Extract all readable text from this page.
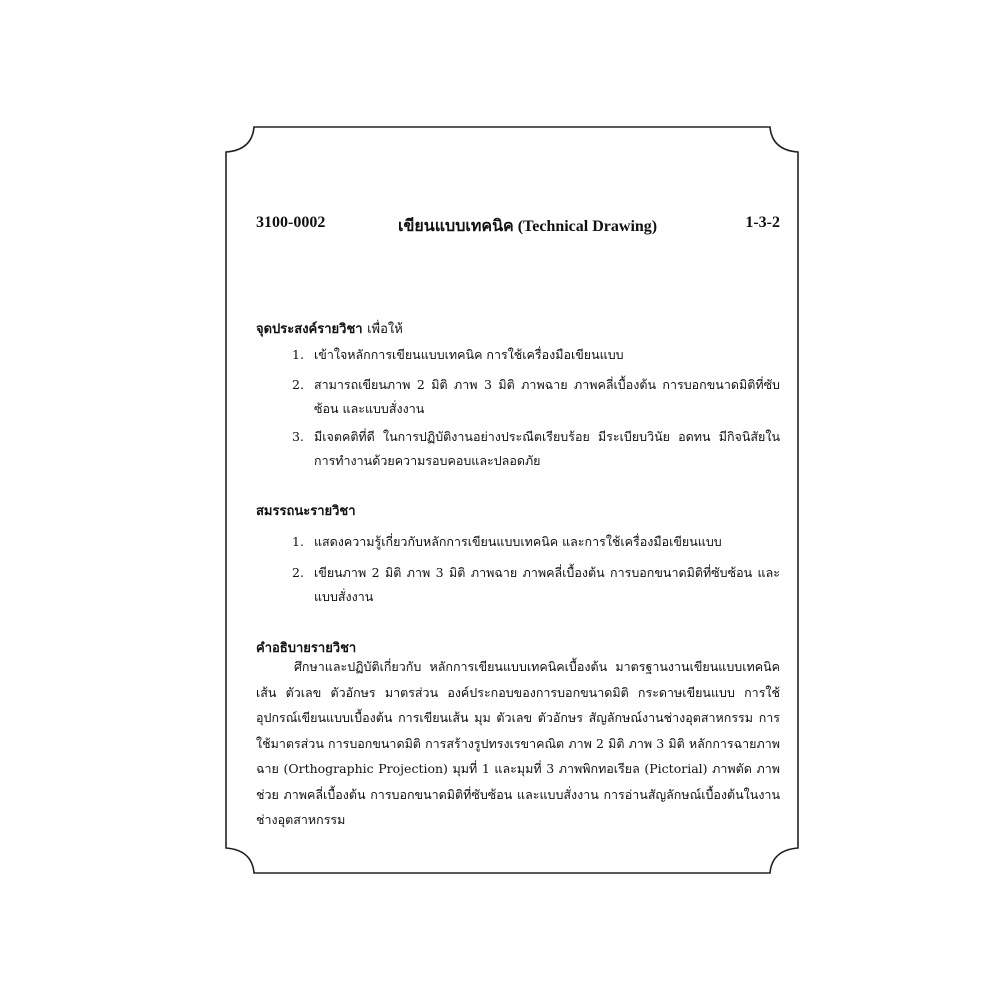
3100-0002	เขียนแบบเทคนิค (Technical Drawing)	1-3-2
จุดประสงค์รายวิชา เพื่อให้
1. เข้าใจหลักการเขียนแบบเทคนิค การใช้เครื่องมือเขียนแบบ
2. สามารถเขียนภาพ 2 มิติ ภาพ 3 มิติ ภาพฉาย ภาพคลี่เบื้องต้น การบอกขนาดมิติที่ซับซ้อน และแบบสั่งงาน
3. มีเจตคติที่ดี ในการปฏิบัติงานอย่างประณีตเรียบร้อย มีระเบียบวินัย อดทน มีกิจนิสัยในการทำงานด้วยความรอบคอบและปลอดภัย
สมรรถนะรายวิชา
1. แสดงความรู้เกี่ยวกับหลักการเขียนแบบเทคนิค และการใช้เครื่องมือเขียนแบบ
2. เขียนภาพ 2 มิติ ภาพ 3 มิติ ภาพฉาย ภาพคลี่เบื้องต้น การบอกขนาดมิติที่ซับซ้อน และแบบสั่งงาน
คำอธิบายรายวิชา
ศึกษาและปฏิบัติเกี่ยวกับ หลักการเขียนแบบเทคนิคเบื้องต้น มาตรฐานงานเขียนแบบเทคนิค เส้น ตัวเลข ตัวอักษร มาตรส่วน องค์ประกอบของการบอกขนาดมิติ กระดาษเขียนแบบ การใช้อุปกรณ์เขียนแบบเบื้องต้น การเขียนเส้น มุม ตัวเลข ตัวอักษร สัญลักษณ์งานช่างอุตสาหกรรม การใช้มาตรส่วน การบอกขนาดมิติ การสร้างรูปทรงเรขาคณิต ภาพ 2 มิติ ภาพ 3 มิติ หลักการฉายภาพฉาย (Orthographic Projection) มุมที่ 1 และมุมที่ 3 ภาพพิกทอเรียล (Pictorial) ภาพตัด ภาพช่วย ภาพคลี่เบื้องต้น การบอกขนาดมิติที่ซับซ้อน และแบบสั่งงาน การอ่านสัญลักษณ์เบื้องต้นในงานช่างอุตสาหกรรม
